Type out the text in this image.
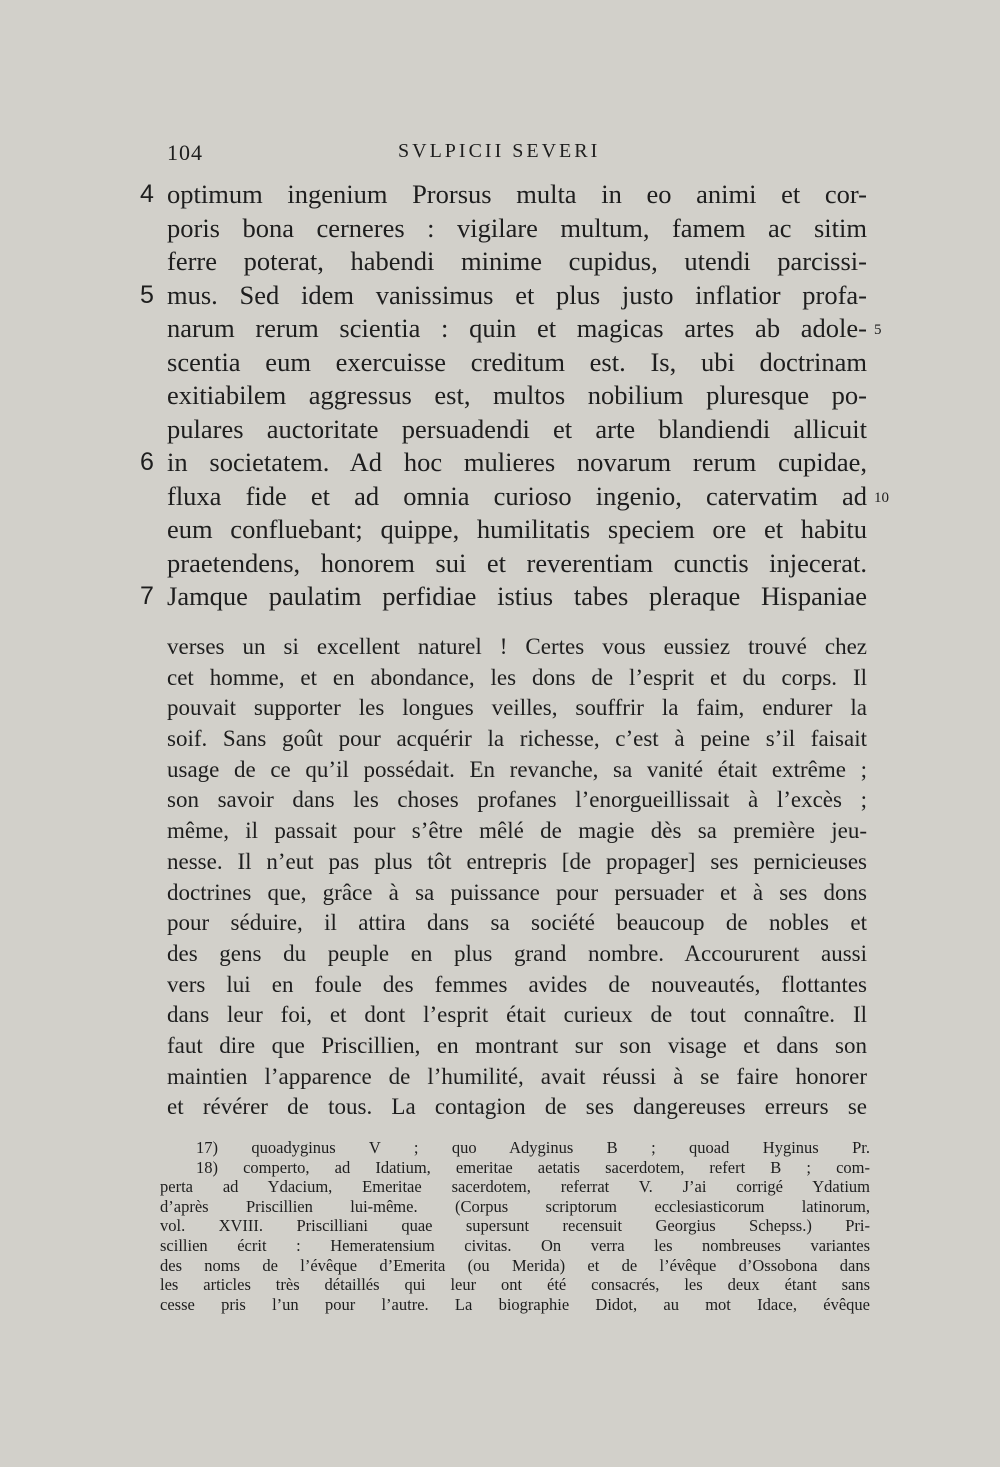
104	SVLPICII SEVERI
optimum ingenium Prorsus multa in eo animi et cor-
4
poris bona cerneres : vigilare multum, famem ac sitim
ferre poterat, habendi minime cupidus, utendi parcissi-
mus. Sed idem vanissimus et plus justo inflatior profa-
5
narum rerum scientia : quin et magicas artes ab adole- 5
scentia eum exercuisse creditum est. Is, ubi doctrinam
exitiabilem aggressus est, multos nobilium pluresque po-
pulares auctoritate persuadendi et arte blandiendi allicuit
in societatem. Ad hoc mulieres novarum rerum cupidae,
6
fluxa fide et ad omnia curioso ingenio, catervatim ad 10
eum confluebant; quippe, humilitatis speciem ore et habitu
praetendens, honorem sui et reverentiam cunctis injecerat.
Jamque paulatim perfidiae istius tabes pleraque Hispaniae
7
verses un si excellent naturel ! Certes vous eussiez trouvé chez
cet homme, et en abondance, les dons de l’esprit et du corps. Il
pouvait supporter les longues veilles, souffrir la faim, endurer la
soif. Sans goût pour acquérir la richesse, c’est à peine s’il faisait
usage de ce qu’il possédait. En revanche, sa vanité était extrême ;
son savoir dans les choses profanes l’enorgueillissait à l’excès ;
même, il passait pour s’être mêlé de magie dès sa première jeu-
nesse. Il n’eut pas plus tôt entrepris [de propager] ses pernicieuses
doctrines que, grâce à sa puissance pour persuader et à ses dons
pour séduire, il attira dans sa société beaucoup de nobles et
des gens du peuple en plus grand nombre. Accoururent aussi
vers lui en foule des femmes avides de nouveautés, flottantes
dans leur foi, et dont l’esprit était curieux de tout connaître. Il
faut dire que Priscillien, en montrant sur son visage et dans son
maintien l’apparence de l’humilité, avait réussi à se faire honorer
et révérer de tous. La contagion de ses dangereuses erreurs se
17) quoadyginus V ; quo Adyginus B ; quoad Hyginus Pr.
18) comperto, ad Idatium, emeritae aetatis sacerdotem, refert B ; com-
perta ad Ydacium, Emeritae sacerdotem, referrat V. J’ai corrigé Ydatium
d’après Priscillien lui-même. (Corpus scriptorum ecclesiasticorum latinorum,
vol. XVIII. Priscilliani quae supersunt recensuit Georgius Schepss.) Pri-
scillien écrit : Hemeratensium civitas. On verra les nombreuses variantes
des noms de l’évêque d’Emerita (ou Merida) et de l’évêque d’Ossobona dans
les articles très détaillés qui leur ont été consacrés, les deux étant sans
cesse pris l’un pour l’autre. La biographie Didot, au mot Idace, évêque
